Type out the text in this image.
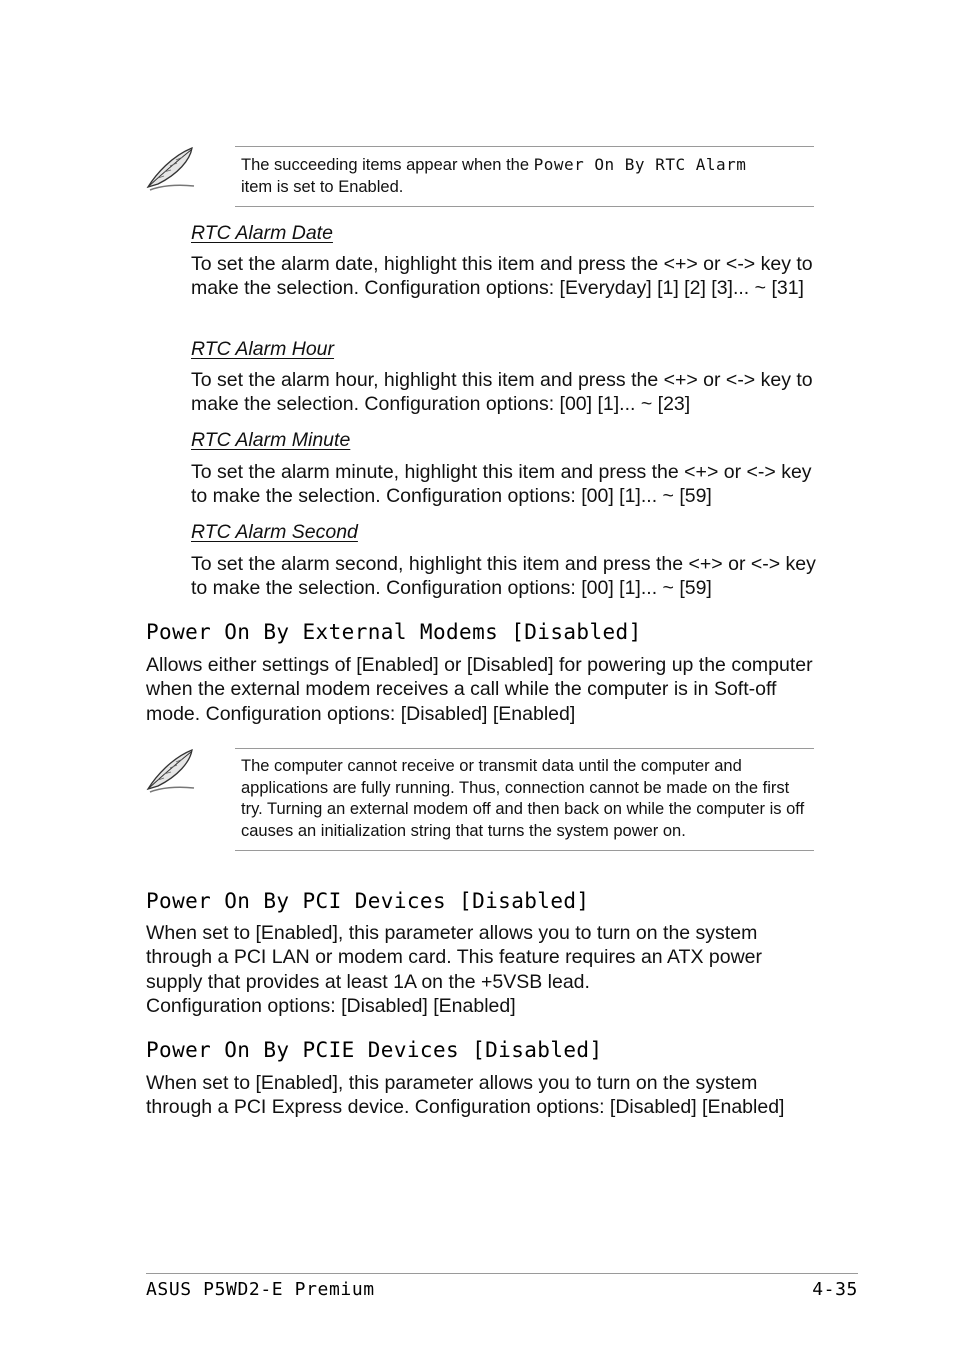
The succeeding items appear when the Power On By RTC Alarm
item is set to Enabled.
RTC Alarm Date
To set the alarm date, highlight this item and press the <+> or <-> key to make the selection. Configuration options: [Everyday] [1] [2] [3]... ~ [31]
RTC Alarm Hour
To set the alarm hour, highlight this item and press the <+> or <-> key to make the selection. Configuration options: [00] [1]... ~ [23]
RTC Alarm Minute
To set the alarm minute, highlight this item and press the <+> or <-> key to make the selection. Configuration options: [00] [1]... ~ [59]
RTC Alarm Second
To set the alarm second, highlight this item and press the <+> or <-> key to make the selection. Configuration options: [00] [1]... ~ [59]
Power On By External Modems [Disabled]
Allows either settings of [Enabled] or [Disabled] for powering up the computer when the external modem receives a call while the computer is in Soft-off mode. Configuration options: [Disabled] [Enabled]
The computer cannot receive or transmit data until the computer and applications are fully running. Thus, connection cannot be made on the first try. Turning an external modem off and then back on while the computer is off causes an initialization string that turns the system power on.
Power On By PCI Devices [Disabled]
When set to [Enabled], this parameter allows you to turn on the system through a PCI LAN or modem card. This feature requires an ATX power supply that provides at least 1A on the +5VSB lead.
Configuration options: [Disabled] [Enabled]
Power On By PCIE Devices [Disabled]
When set to [Enabled], this parameter allows you to turn on the system through a PCI Express device. Configuration options: [Disabled] [Enabled]
ASUS P5WD2-E Premium	4-35
